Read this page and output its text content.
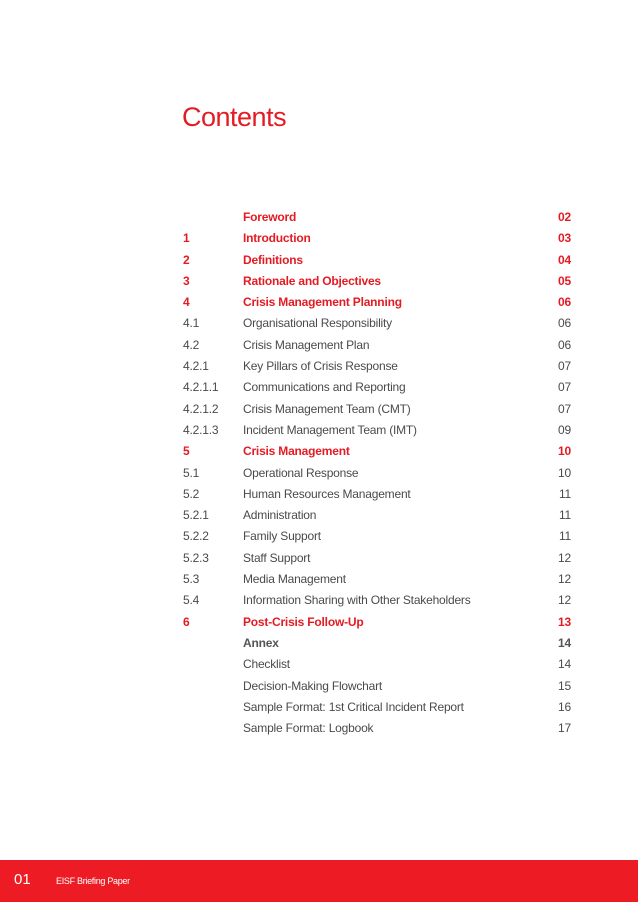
Contents
Foreword	02
1	Introduction	03
2	Definitions	04
3	Rationale and Objectives	05
4	Crisis Management Planning	06
4.1	Organisational Responsibility	06
4.2	Crisis Management Plan	06
4.2.1	Key Pillars of Crisis Response	07
4.2.1.1 Communications and Reporting	07
4.2.1.2 Crisis Management Team (CMT)	07
4.2.1.3 Incident Management Team (IMT)	09
5	Crisis Management	10
5.1	Operational Response	10
5.2	Human Resources Management	11
5.2.1	Administration	11
5.2.2	Family Support	11
5.2.3	Staff Support	12
5.3	Media Management	12
5.4	Information Sharing with Other Stakeholders	12
6	Post-Crisis Follow-Up	13
Annex	14
Checklist	14
Decision-Making Flowchart	15
Sample Format: 1st Critical Incident Report	16
Sample Format: Logbook	17
01	EISF Briefing Paper
